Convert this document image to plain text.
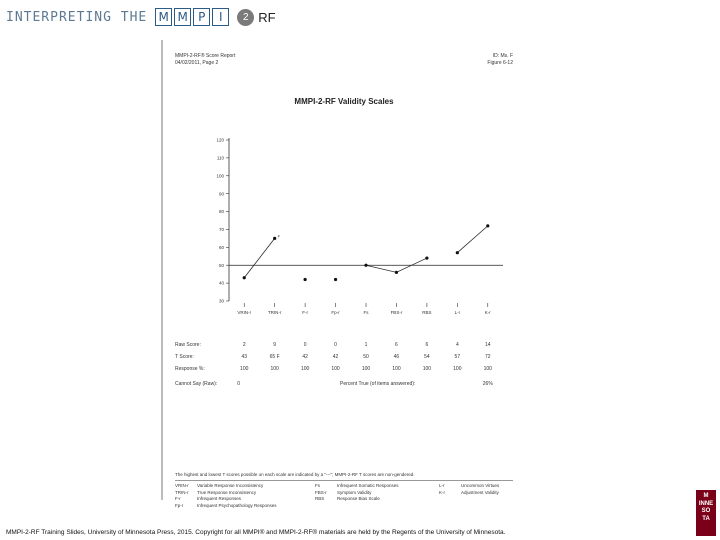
INTERPRETING THE M M P	I	2 RF
MMPI-2-RF® Score Report
04/02/2011, Page 2
ID: Ms. F
Figure 6-12
MMPI-2-RF Validity Scales
120
110
100
90
80
70
60
50
40
30
VRIN-r	TRIN-r	F-r	Fp-r	Fs	FBS-r	RBS	L-r	K-r
F
Raw Score:	2	9	0	0	1	6	6	4	14
T Score:	43	65 F	42	42	50	46	54	57	72
Response %:	100	100	100	100	100	100	100	100	100
Cannot Say (Raw):	0	Percent True (of items answered):	26%
The highest and lowest T scores possible on each scale are indicated by a "---"; MMPI-2-RF T scores are non-gendered.
VRIN-r	Variable Response Inconsistency
TRIN-r	True Response Inconsistency
F-r	Infrequent Responses
Fp-r	Infrequent Psychopathology Responses
Fs	Infrequent Somatic Responses
FBS-r	Symptom Validity
RBS	Response Bias Scale
L-r	Uncommon Virtues
K-r	Adjustment Validity
M
INNE
SO
TA
MMPI-2-RF Training Slides, University of Minnesota Press, 2015. Copyright for all MMPI® and MMPI-2-RF® materials are held by the Regents of the University of Minnesota.
